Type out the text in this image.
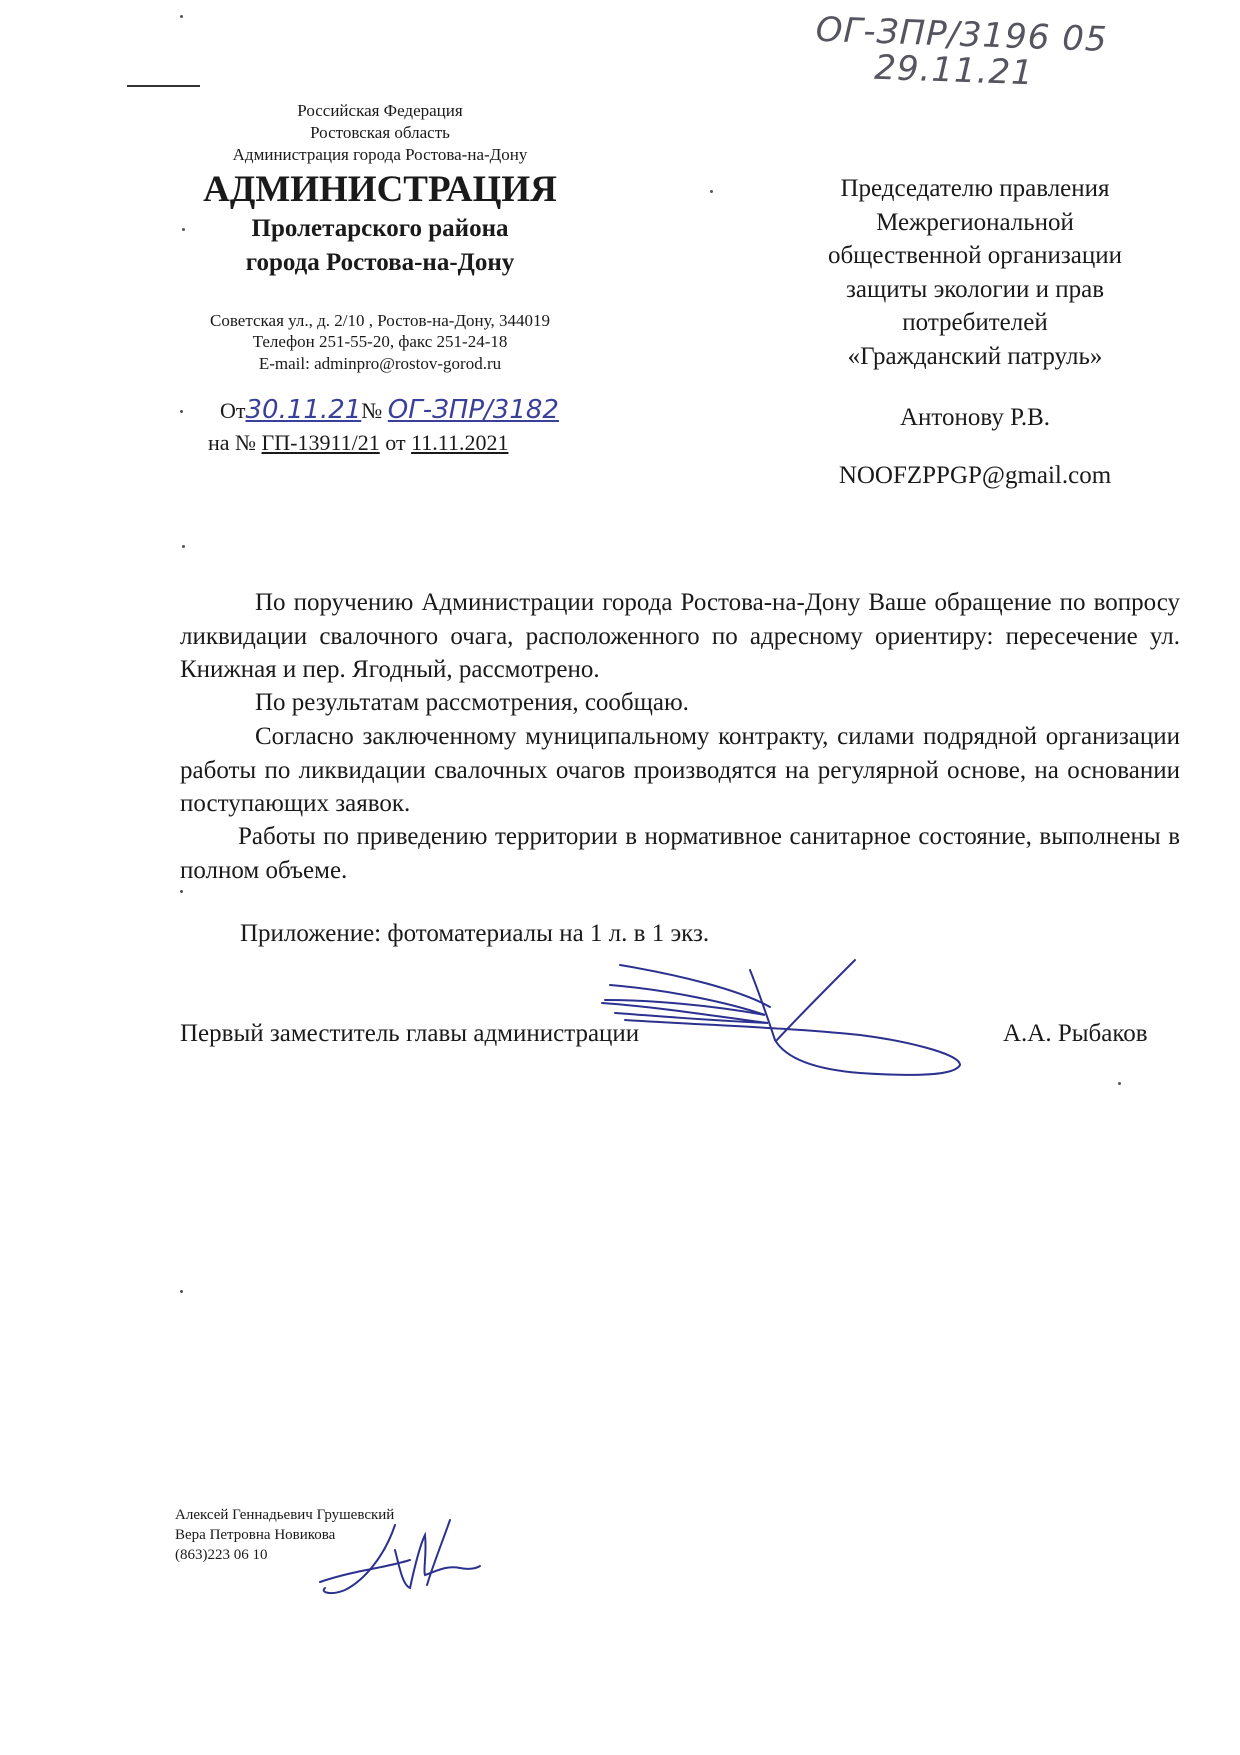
ОГ-ЗПР/3196 05
29.11.21
Российская Федерация
Ростовская область
Администрация города Ростова-на-Дону
АДМИНИСТРАЦИЯ
Пролетарского района
города Ростова-на-Дону
Советская ул., д. 2/10 , Ростов-на-Дону, 344019
Телефон 251-55-20, факс 251-24-18
E-mail: adminpro@rostov-gorod.ru
От30.11.21№ ОГ-ЗПР/3182
на № ГП-13911/21 от 11.11.2021
Председателю правления
Межрегиональной
общественной организации
защиты экологии и прав
потребителей
«Гражданский патруль»
Антонову Р.В.
NOOFZPPGP@gmail.com
По поручению Администрации города Ростова-на-Дону Ваше обращение по вопросу ликвидации свалочного очага, расположенного по адресному ориентиру: пересечение ул. Книжная и пер. Ягодный, рассмотрено.
По результатам рассмотрения, сообщаю.
Согласно заключенному муниципальному контракту, силами подрядной организации работы по ликвидации свалочных очагов производятся на регулярной основе, на основании поступающих заявок.
Работы по приведению территории в нормативное санитарное состояние, выполнены в полном объеме.
Приложение: фотоматериалы на 1 л. в 1 экз.
Первый заместитель главы администрации	А.А. Рыбаков
Алексей Геннадьевич Грушевский
Вера Петровна Новикова
(863)223 06 10
